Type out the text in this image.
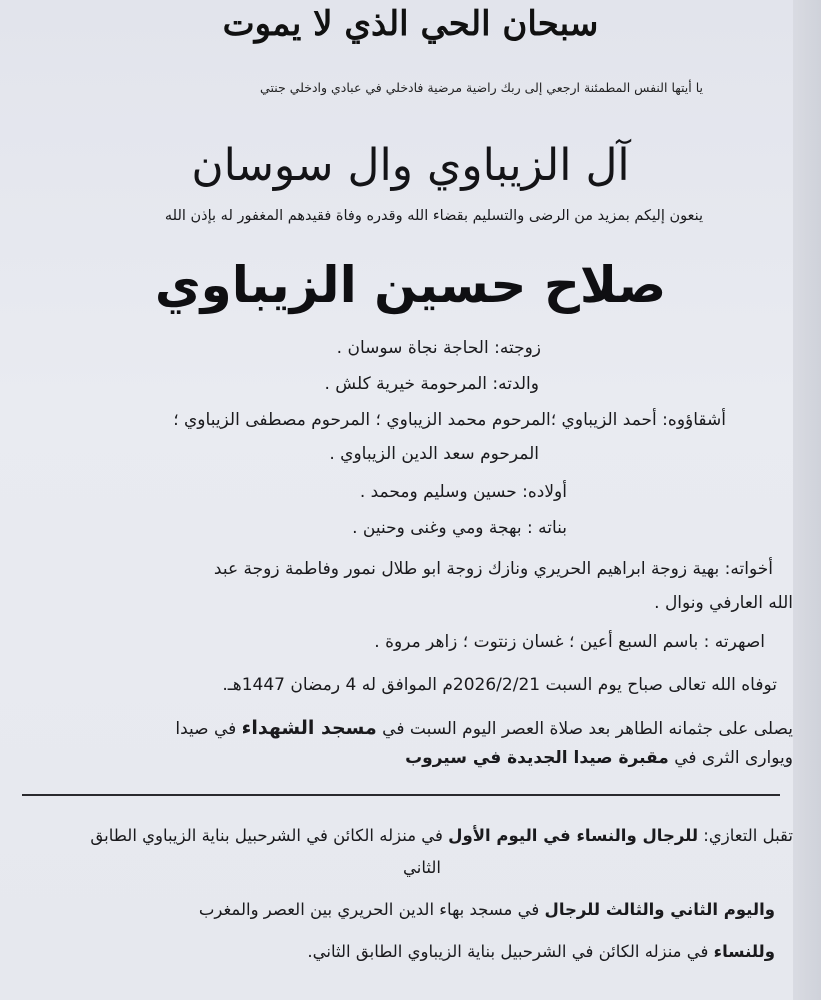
سبحان الحي الذي لا يموت
يا أيتها النفس المطمئنة ارجعي إلى ربك راضية مرضية فادخلي في عبادي وادخلي جنتي
آل الزيباوي وال سوسان
ينعون إليكم بمزيد من الرضى والتسليم بقضاء الله وقدره وفاة فقيدهم المغفور له بإذن الله
صلاح حسين الزيباوي
زوجته: الحاجة نجاة سوسان .
والدته: المرحومة خيرية كلش .
أشقاؤوه: أحمد الزيباوي ؛المرحوم محمد الزيباوي ؛ المرحوم مصطفى الزيباوي ؛
المرحوم سعد الدين الزيباوي .
أولاده: حسين وسليم ومحمد .
بناته : بهجة ومي وغنى وحنين .
أخواته: بهية زوجة ابراهيم الحريري ونازك زوجة ابو طلال نمور وفاطمة زوجة عبد
الله العارفي ونوال .
اصهرته : باسم السبع أعين ؛ غسان زنتوت ؛ زاهر مروة .
توفاه الله تعالى صباح يوم السبت 2026/2/21م الموافق له 4 رمضان 1447هـ.
يصلى على جثمانه الطاهر بعد صلاة العصر اليوم السبت في مسجد الشهداء في صيدا
ويوارى الثرى في مقبرة صيدا الجديدة في سيروب
تقبل التعازي: للرجال والنساء في اليوم الأول في منزله الكائن في الشرحبيل بناية الزيباوي الطابق
الثاني
واليوم الثاني والثالث للرجال في مسجد بهاء الدين الحريري بين العصر والمغرب
وللنساء في منزله الكائن في الشرحبيل بناية الزيباوي الطابق الثاني.
